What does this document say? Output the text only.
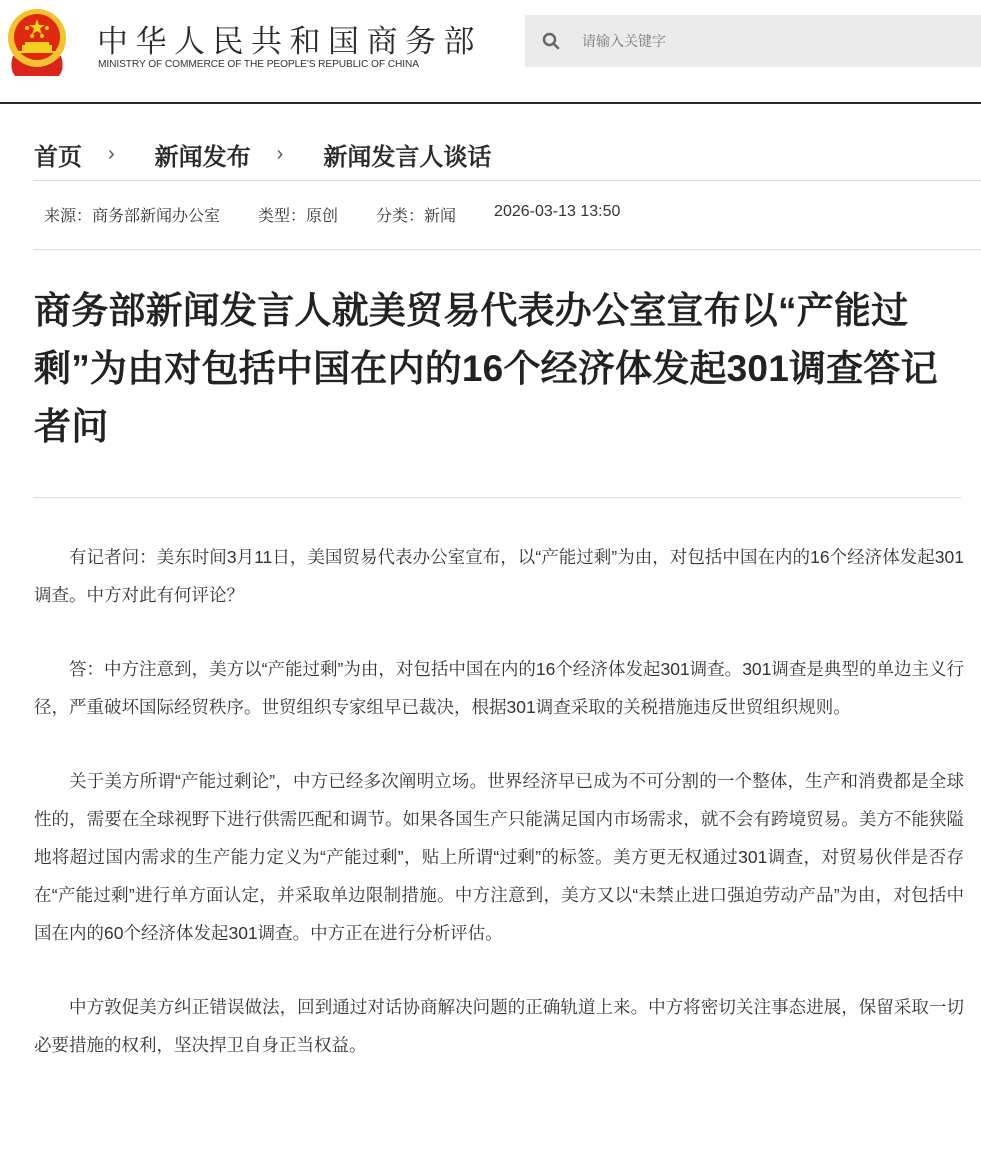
中华人民共和国商务部
MINISTRY OF COMMERCE OF THE PEOPLE'S REPUBLIC OF CHINA
请输入关键字
首页 › 新闻发布 › 新闻发言人谈话
来源：商务部新闻办公室 类型：原创 分类：新闻 2026-03-13 13:50
商务部新闻发言人就美贸易代表办公室宣布以“产能过剩”为由对包括中国在内的16个经济体发起301调查答记者问

有记者问：美东时间3月11日，美国贸易代表办公室宣布，以“产能过剩”为由，对包括中国在内的16个经济体发起301调查。中方对此有何评论？

答：中方注意到，美方以“产能过剩”为由，对包括中国在内的16个经济体发起301调查。301调查是典型的单边主义行径，严重破坏国际经贸秩序。世贸组织专家组早已裁决，根据301调查采取的关税措施违反世贸组织规则。

关于美方所谓“产能过剩论”，中方已经多次阐明立场。世界经济早已成为不可分割的一个整体，生产和消费都是全球性的，需要在全球视野下进行供需匹配和调节。如果各国生产只能满足国内市场需求，就不会有跨境贸易。美方不能狭隘地将超过国内需求的生产能力定义为“产能过剩”，贴上所谓“过剩”的标签。美方更无权通过301调查，对贸易伙伴是否存在“产能过剩”进行单方面认定，并采取单边限制措施。中方注意到，美方又以“未禁止进口强迫劳动产品”为由，对包括中国在内的60个经济体发起301调查。中方正在进行分析评估。

中方敦促美方纠正错误做法，回到通过对话协商解决问题的正确轨道上来。中方将密切关注事态进展，保留采取一切必要措施的权利，坚决捍卫自身正当权益。
